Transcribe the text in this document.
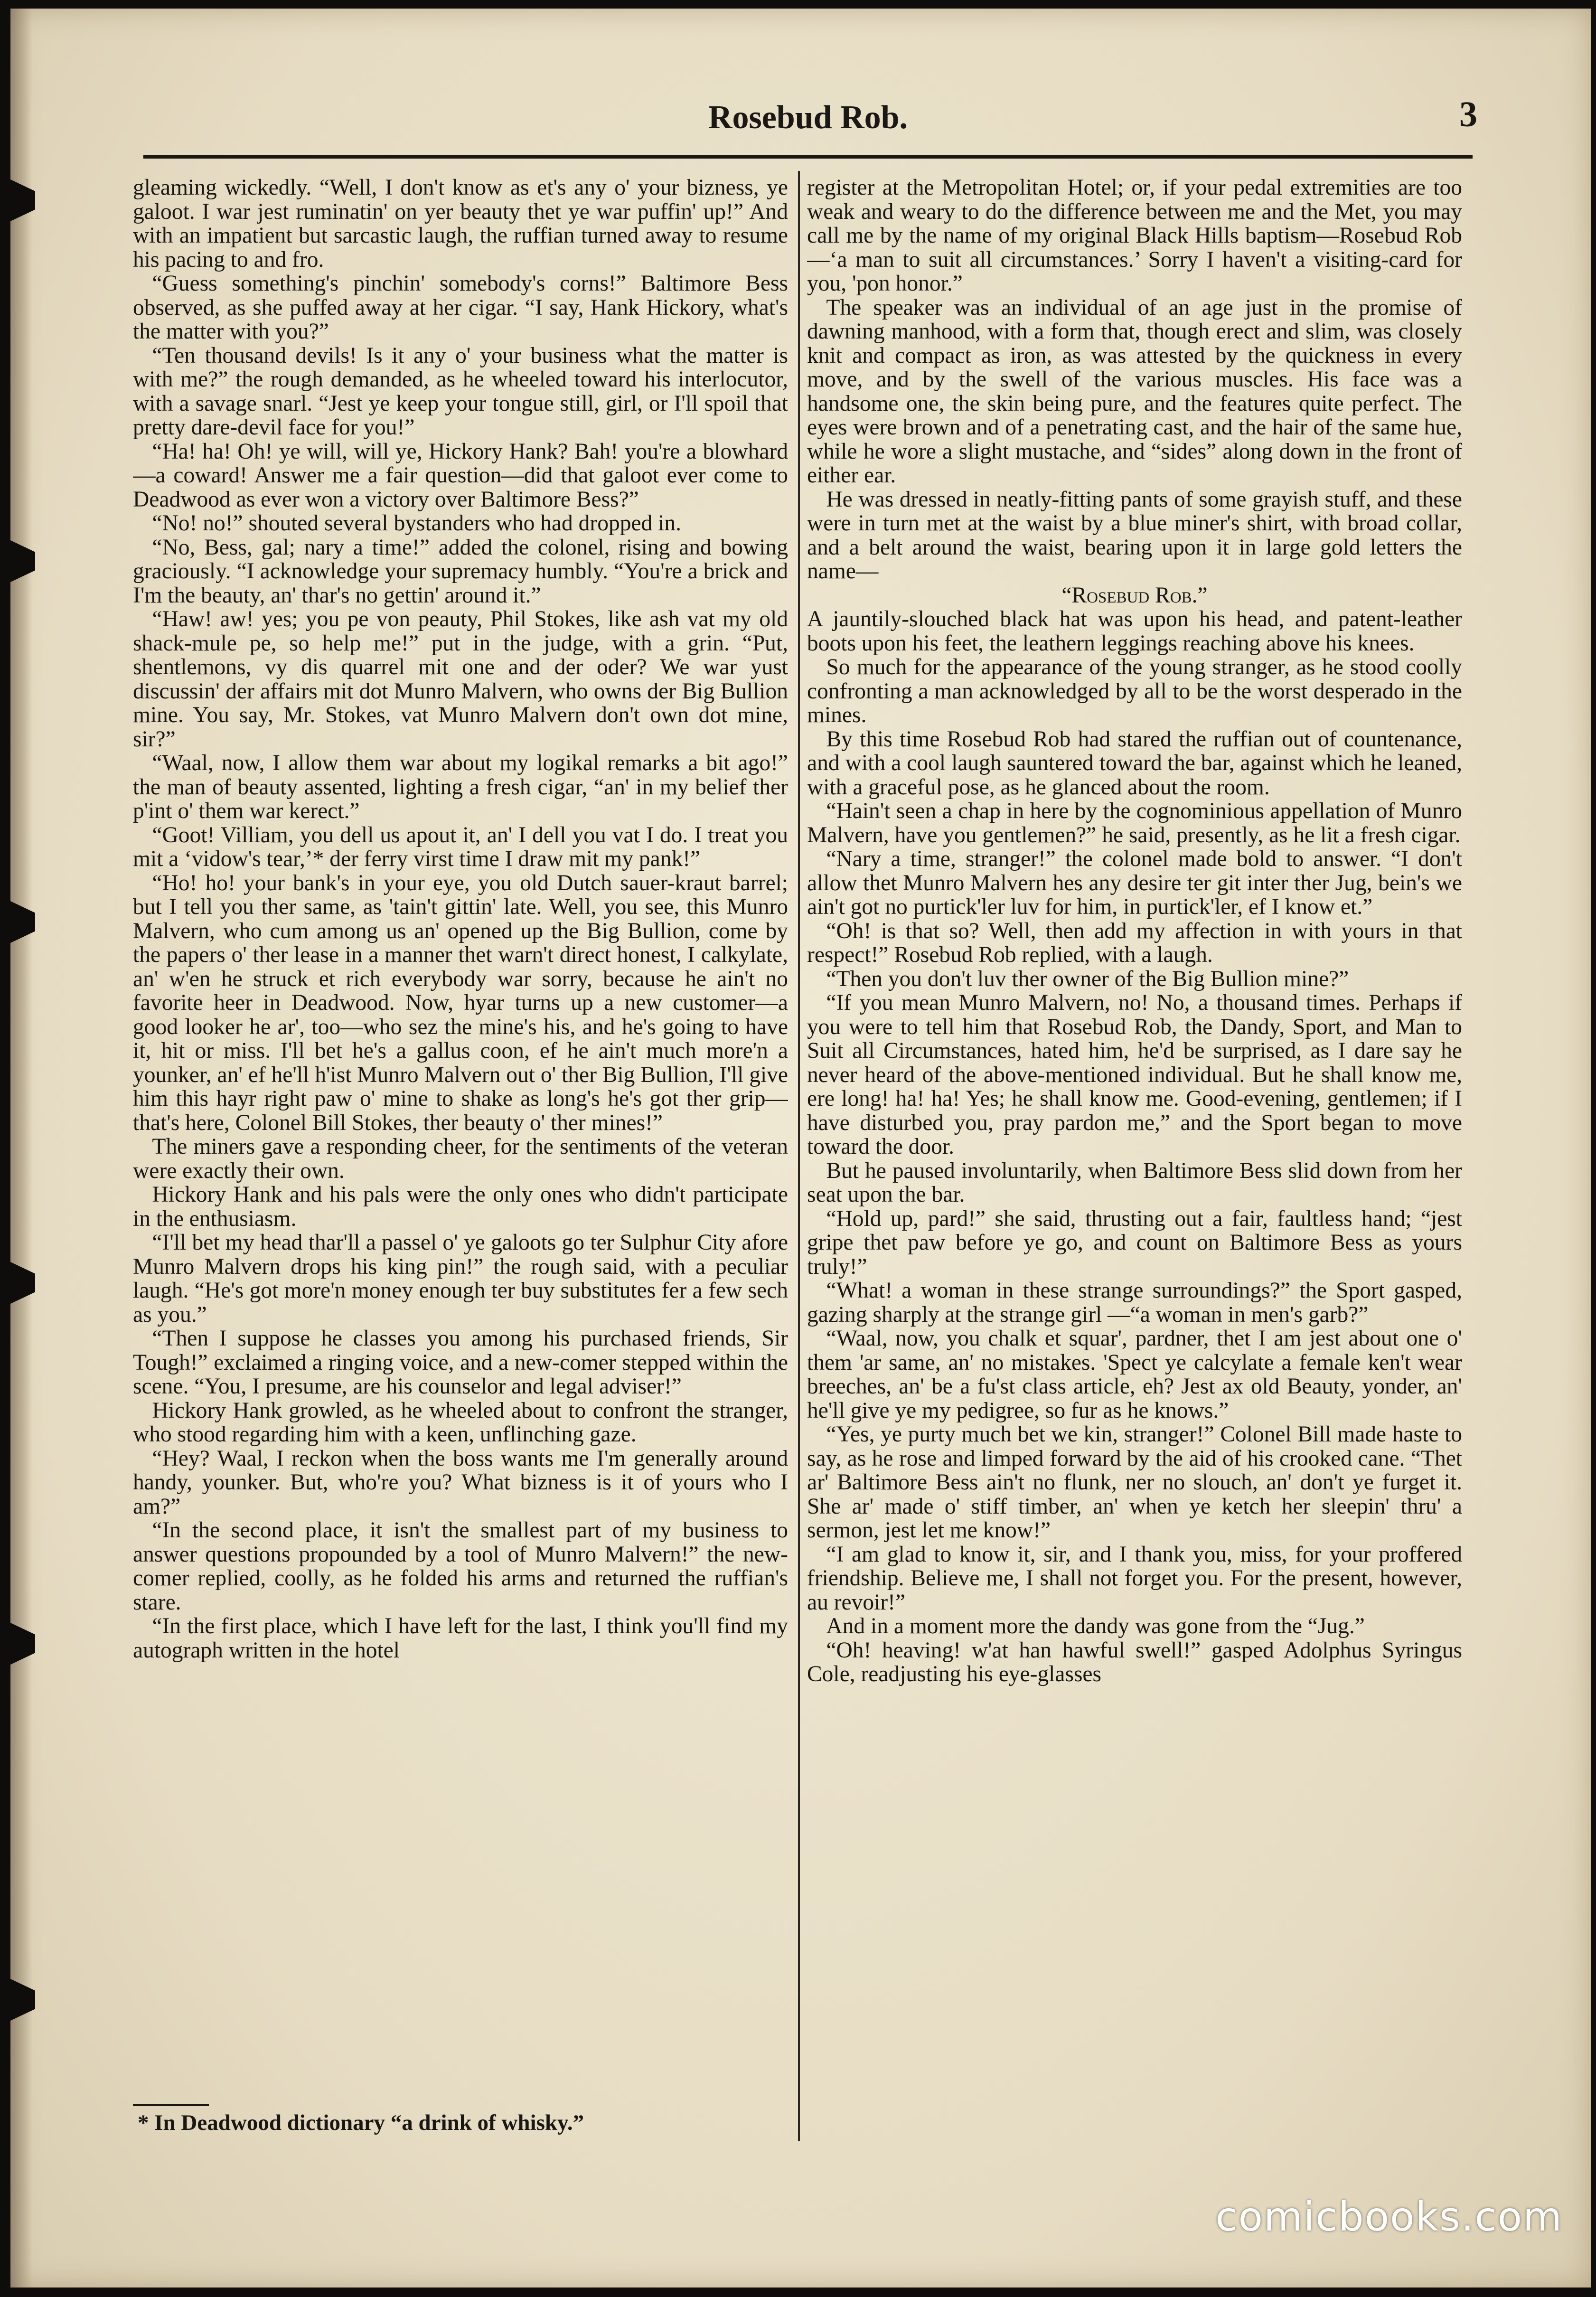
Rosebud Rob.	3

gleaming wickedly. “Well, I don't know as et's any o' your bizness, ye galoot. I war jest ruminatin' on yer beauty thet ye war puffin' up!” And with an impatient but sarcastic laugh, the ruffian turned away to resume his pacing to and fro.

“Guess something's pinchin' somebody's corns!” Baltimore Bess observed, as she puffed away at her cigar. “I say, Hank Hickory, what's the matter with you?”

“Ten thousand devils! Is it any o' your business what the matter is with me?” the rough demanded, as he wheeled toward his interlocutor, with a savage snarl. “Jest ye keep your tongue still, girl, or I'll spoil that pretty dare-devil face for you!”

“Ha! ha! Oh! ye will, will ye, Hickory Hank? Bah! you're a blowhard—a coward! Answer me a fair question—did that galoot ever come to Deadwood as ever won a victory over Baltimore Bess?”

“No! no!” shouted several bystanders who had dropped in.

“No, Bess, gal; nary a time!” added the colonel, rising and bowing graciously. “I acknowledge your supremacy humbly. “You're a brick and I'm the beauty, an' thar's no gettin' around it.”

“Haw! aw! yes; you pe von peauty, Phil Stokes, like ash vat my old shack-mule pe, so help me!” put in the judge, with a grin. “Put, shentlemons, vy dis quarrel mit one and der oder? We war yust discussin' der affairs mit dot Munro Malvern, who owns der Big Bullion mine. You say, Mr. Stokes, vat Munro Malvern don't own dot mine, sir?”

“Waal, now, I allow them war about my logikal remarks a bit ago!” the man of beauty assented, lighting a fresh cigar, “an' in my belief ther p'int o' them war kerect.”

“Goot! Villiam, you dell us apout it, an' I dell you vat I do. I treat you mit a ‘vidow's tear,’* der ferry virst time I draw mit my pank!”

“Ho! ho! your bank's in your eye, you old Dutch sauer-kraut barrel; but I tell you ther same, as 'tain't gittin' late. Well, you see, this Munro Malvern, who cum among us an' opened up the Big Bullion, come by the papers o' ther lease in a manner thet warn't direct honest, I calkylate, an' w'en he struck et rich everybody war sorry, because he ain't no favorite heer in Deadwood. Now, hyar turns up a new customer—a good looker he ar', too—who sez the mine's his, and he's going to have it, hit or miss. I'll bet he's a gallus coon, ef he ain't much more'n a younker, an' ef he'll h'ist Munro Malvern out o' ther Big Bullion, I'll give him this hayr right paw o' mine to shake as long's he's got ther grip—that's here, Colonel Bill Stokes, ther beauty o' ther mines!”

The miners gave a responding cheer, for the sentiments of the veteran were exactly their own.

Hickory Hank and his pals were the only ones who didn't participate in the enthusiasm.

“I'll bet my head thar'll a passel o' ye galoots go ter Sulphur City afore Munro Malvern drops his king pin!” the rough said, with a peculiar laugh. “He's got more'n money enough ter buy substitutes fer a few sech as you.”

“Then I suppose he classes you among his purchased friends, Sir Tough!” exclaimed a ringing voice, and a new-comer stepped within the scene. “You, I presume, are his counselor and legal adviser!”

Hickory Hank growled, as he wheeled about to confront the stranger, who stood regarding him with a keen, unflinching gaze.

“Hey? Waal, I reckon when the boss wants me I'm generally around handy, younker. But, who're you? What bizness is it of yours who I am?”

“In the second place, it isn't the smallest part of my business to answer questions propounded by a tool of Munro Malvern!” the new-comer replied, coolly, as he folded his arms and returned the ruffian's stare.

“In the first place, which I have left for the last, I think you'll find my autograph written in the hotel

* In Deadwood dictionary “a drink of whisky.”

register at the Metropolitan Hotel; or, if your pedal extremities are too weak and weary to do the difference between me and the Met, you may call me by the name of my original Black Hills baptism—Rosebud Rob—‘a man to suit all circumstances.’ Sorry I haven't a visiting-card for you, 'pon honor.”

The speaker was an individual of an age just in the promise of dawning manhood, with a form that, though erect and slim, was closely knit and compact as iron, as was attested by the quickness in every move, and by the swell of the various muscles. His face was a handsome one, the skin being pure, and the features quite perfect. The eyes were brown and of a penetrating cast, and the hair of the same hue, while he wore a slight mustache, and “sides” along down in the front of either ear.

He was dressed in neatly-fitting pants of some grayish stuff, and these were in turn met at the waist by a blue miner's shirt, with broad collar, and a belt around the waist, bearing upon it in large gold letters the name—

“Rosebud Rob.”

A jauntily-slouched black hat was upon his head, and patent-leather boots upon his feet, the leathern leggings reaching above his knees.

So much for the appearance of the young stranger, as he stood coolly confronting a man acknowledged by all to be the worst desperado in the mines.

By this time Rosebud Rob had stared the ruffian out of countenance, and with a cool laugh sauntered toward the bar, against which he leaned, with a graceful pose, as he glanced about the room.

“Hain't seen a chap in here by the cognominious appellation of Munro Malvern, have you gentlemen?” he said, presently, as he lit a fresh cigar.

“Nary a time, stranger!” the colonel made bold to answer. “I don't allow thet Munro Malvern hes any desire ter git inter ther Jug, bein's we ain't got no purtick'ler luv for him, in purtick'ler, ef I know et.”

“Oh! is that so? Well, then add my affection in with yours in that respect!” Rosebud Rob replied, with a laugh.

“Then you don't luv ther owner of the Big Bullion mine?”

“If you mean Munro Malvern, no! No, a thousand times. Perhaps if you were to tell him that Rosebud Rob, the Dandy, Sport, and Man to Suit all Circumstances, hated him, he'd be surprised, as I dare say he never heard of the above-mentioned individual. But he shall know me, ere long! ha! ha! Yes; he shall know me. Good-evening, gentlemen; if I have disturbed you, pray pardon me,” and the Sport began to move toward the door.

But he paused involuntarily, when Baltimore Bess slid down from her seat upon the bar.

“Hold up, pard!” she said, thrusting out a fair, faultless hand; “jest gripe thet paw before ye go, and count on Baltimore Bess as yours truly!”

“What! a woman in these strange surroundings?” the Sport gasped, gazing sharply at the strange girl —“a woman in men's garb?”

“Waal, now, you chalk et squar', pardner, thet I am jest about one o' them 'ar same, an' no mistakes. 'Spect ye calcylate a female ken't wear breeches, an' be a fu'st class article, eh? Jest ax old Beauty, yonder, an' he'll give ye my pedigree, so fur as he knows.”

“Yes, ye purty much bet we kin, stranger!” Colonel Bill made haste to say, as he rose and limped forward by the aid of his crooked cane. “Thet ar' Baltimore Bess ain't no flunk, ner no slouch, an' don't ye furget it. She ar' made o' stiff timber, an' when ye ketch her sleepin' thru' a sermon, jest let me know!”

“I am glad to know it, sir, and I thank you, miss, for your proffered friendship. Believe me, I shall not forget you. For the present, however, au revoir!”

And in a moment more the dandy was gone from the “Jug.”

“Oh! heaving! w'at han hawful swell!” gasped Adolphus Syringus Cole, readjusting his eye-glasses

comicbooks.com
